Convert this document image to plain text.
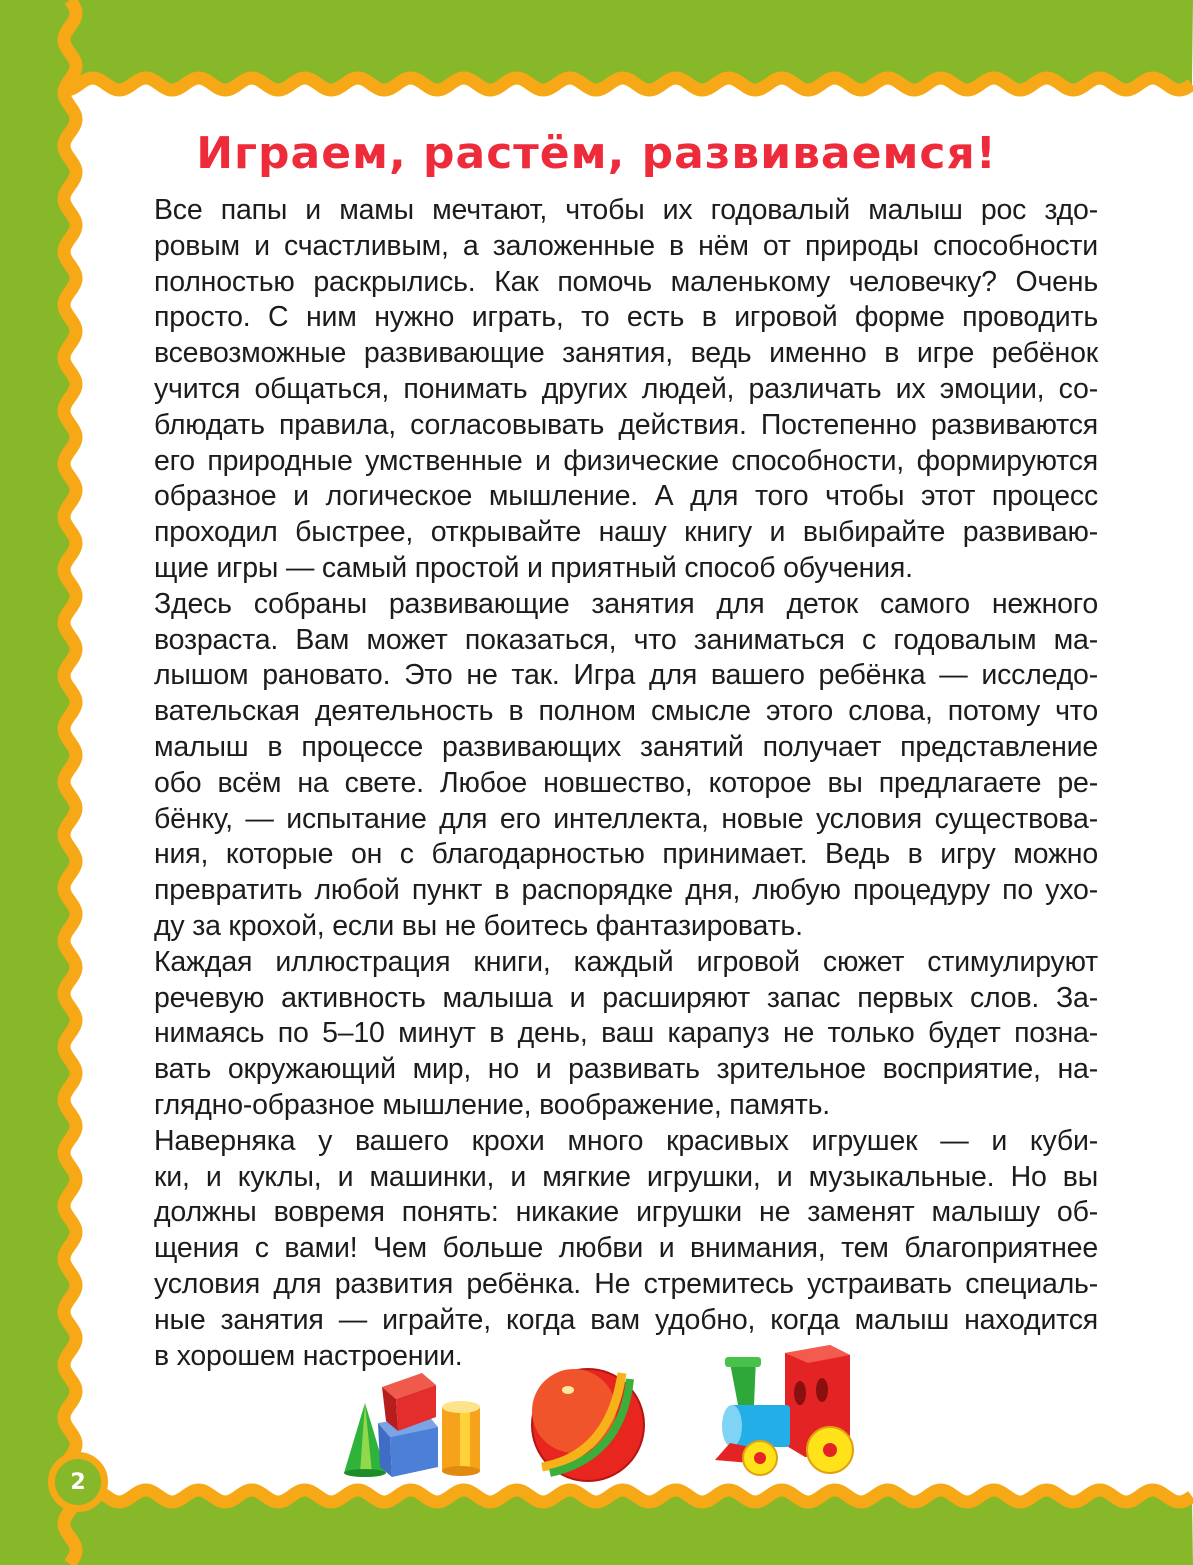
Играем, растём, развиваемся!

Все папы и мамы мечтают, чтобы их годовалый малыш рос здо-
ровым и счастливым, а заложенные в нём от природы способности
полностью раскрылись. Как помочь маленькому человечку? Очень
просто. С ним нужно играть, то есть в игровой форме проводить
всевозможные развивающие занятия, ведь именно в игре ребёнок
учится общаться, понимать других людей, различать их эмоции, со-
блюдать правила, согласовывать действия. Постепенно развиваются
его природные умственные и физические способности, формируются
образное и логическое мышление. А для того чтобы этот процесс
проходил быстрее, открывайте нашу книгу и выбирайте развиваю-
щие игры — самый простой и приятный способ обучения.

Здесь собраны развивающие занятия для деток самого нежного
возраста. Вам может показаться, что заниматься с годовалым ма-
лышом рановато. Это не так. Игра для вашего ребёнка — исследо-
вательская деятельность в полном смысле этого слова, потому что
малыш в процессе развивающих занятий получает представление
обо всём на свете. Любое новшество, которое вы предлагаете ре-
бёнку, — испытание для его интеллекта, новые условия существова-
ния, которые он с благодарностью принимает. Ведь в игру можно
превратить любой пункт в распорядке дня, любую процедуру по ухо-
ду за крохой, если вы не боитесь фантазировать.

Каждая иллюстрация книги, каждый игровой сюжет стимулируют
речевую активность малыша и расширяют запас первых слов. За-
нимаясь по 5–10 минут в день, ваш карапуз не только будет позна-
вать окружающий мир, но и развивать зрительное восприятие, на-
глядно-образное мышление, воображение, память.

Наверняка у вашего крохи много красивых игрушек — и куби-
ки, и куклы, и машинки, и мягкие игрушки, и музыкальные. Но вы
должны вовремя понять: никакие игрушки не заменят малышу об-
щения с вами! Чем больше любви и внимания, тем благоприятнее
условия для развития ребёнка. Не стремитесь устраивать специаль-
ные занятия — играйте, когда вам удобно, когда малыш находится
в хорошем настроении.

2
